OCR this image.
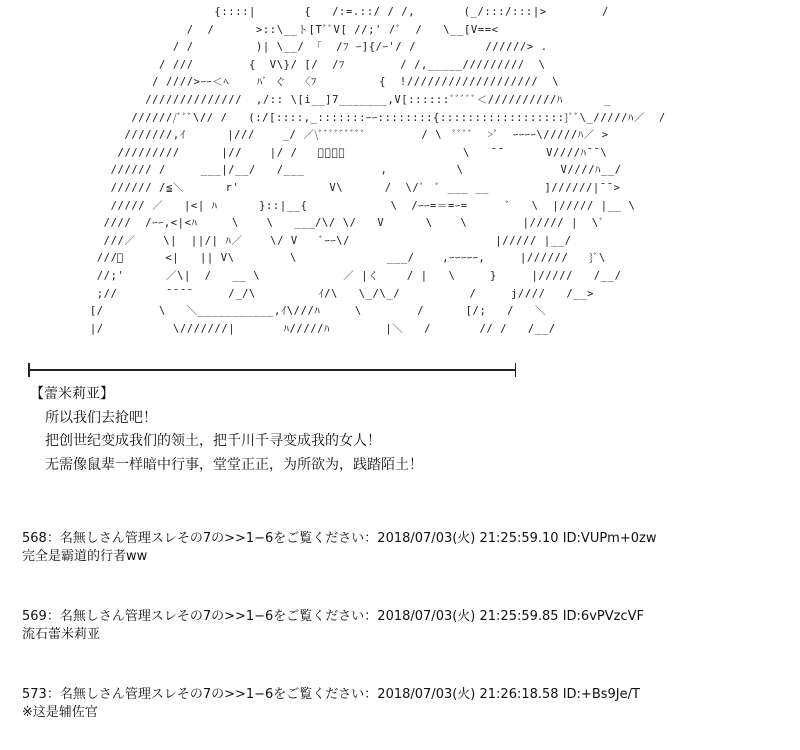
{::::|       {   /:=.::/ / /,       (_/:::/:::|>        /
/  /      >::\__ト[TﾞﾞV[ //;' /ﾞ  /   \__[V==<
/ /         )| \__/ 「  /ﾌ ｰ]{/ｰ'/ /          //////> .
/ ///        {  V\}/ [/  /ﾌ        / /,_____/////////  \
/ ////>ｰｰ＜ﾍ    ﾊﾞ ぐ  〈ﾌ         {  !///////////////////  \
//////////////  ,/:: \[i__]7_______,V[::::::ﾞﾞﾞﾞﾞ＜//////////ﾊ      _
///////ﾞﾞﾞ\// /   (:/[::::,_:::::::ｰｰ::::::::{::::::::::::::::::}ﾞﾞ\_/////ﾊ／  /
///////,ｲ      |///    _/ ／\ﾞﾞﾞﾞﾞﾞﾞﾞﾞ        / \  ﾞﾞﾞﾞ  >ﾞ  ｰｰｰｰ\/////ﾊ／ >
/////////      |//    |/ /   ﾞｰｰｰ                 \   ¯¯      V////ﾊ¯¯\
////// /     ___|/__/   /___           ,          \              V////ﾊ__/
////// /≦＼      r'             V\      /  \/ﾞ  ﾞ ___ __        ]//////|¯¯>
///// ／   |<| ﾊ      }::|__{            \  /ｰｰ=＝=ｰ=      ﾞ   \  |///// |__ \
////  /ｰｰ,<|<ﾊ     \    \   ___/\/ \/   V      \    \        |///// |  \ﾞ
///／    \|  ||/| ﾊ／    \/ V   ﾞｰｰ\/                     |///// |__/
///ﾞ      <|   || V\        \             ___/    ,ｰｰｰｰｰ,     |//////   }ﾞ\
//;'      ／\|  /   __ \            ／ |く    / |   \     }     |/////   /__/
;//       ¯¯¯¯     /_/\         ｲ/\   \_/\_/          /     j////   /__>
[/        \   ＼___________,ｲ\///ﾊ     \        /      [/;   /   ＼
|/          \///////|       ﾊ/////ﾊ        |＼   /       // /   /__/

【蕾米莉亚】

所以我们去抢吧！

把创世纪变成我们的领土，把千川千寻变成我的女人！

无需像鼠辈一样暗中行事，堂堂正正，为所欲为，践踏陌土！

568：名無しさん管理スレその7の>>1−6をご覧ください：2018/07/03(火) 21:25:59.10 ID:VUPm+0zw
完全是霸道的行者ww
569：名無しさん管理スレその7の>>1−6をご覧ください：2018/07/03(火) 21:25:59.85 ID:6vPVzcVF
流石蕾米莉亚
573：名無しさん管理スレその7の>>1−6をご覧ください：2018/07/03(火) 21:26:18.58 ID:+Bs9Je/T
※这是辅佐官
